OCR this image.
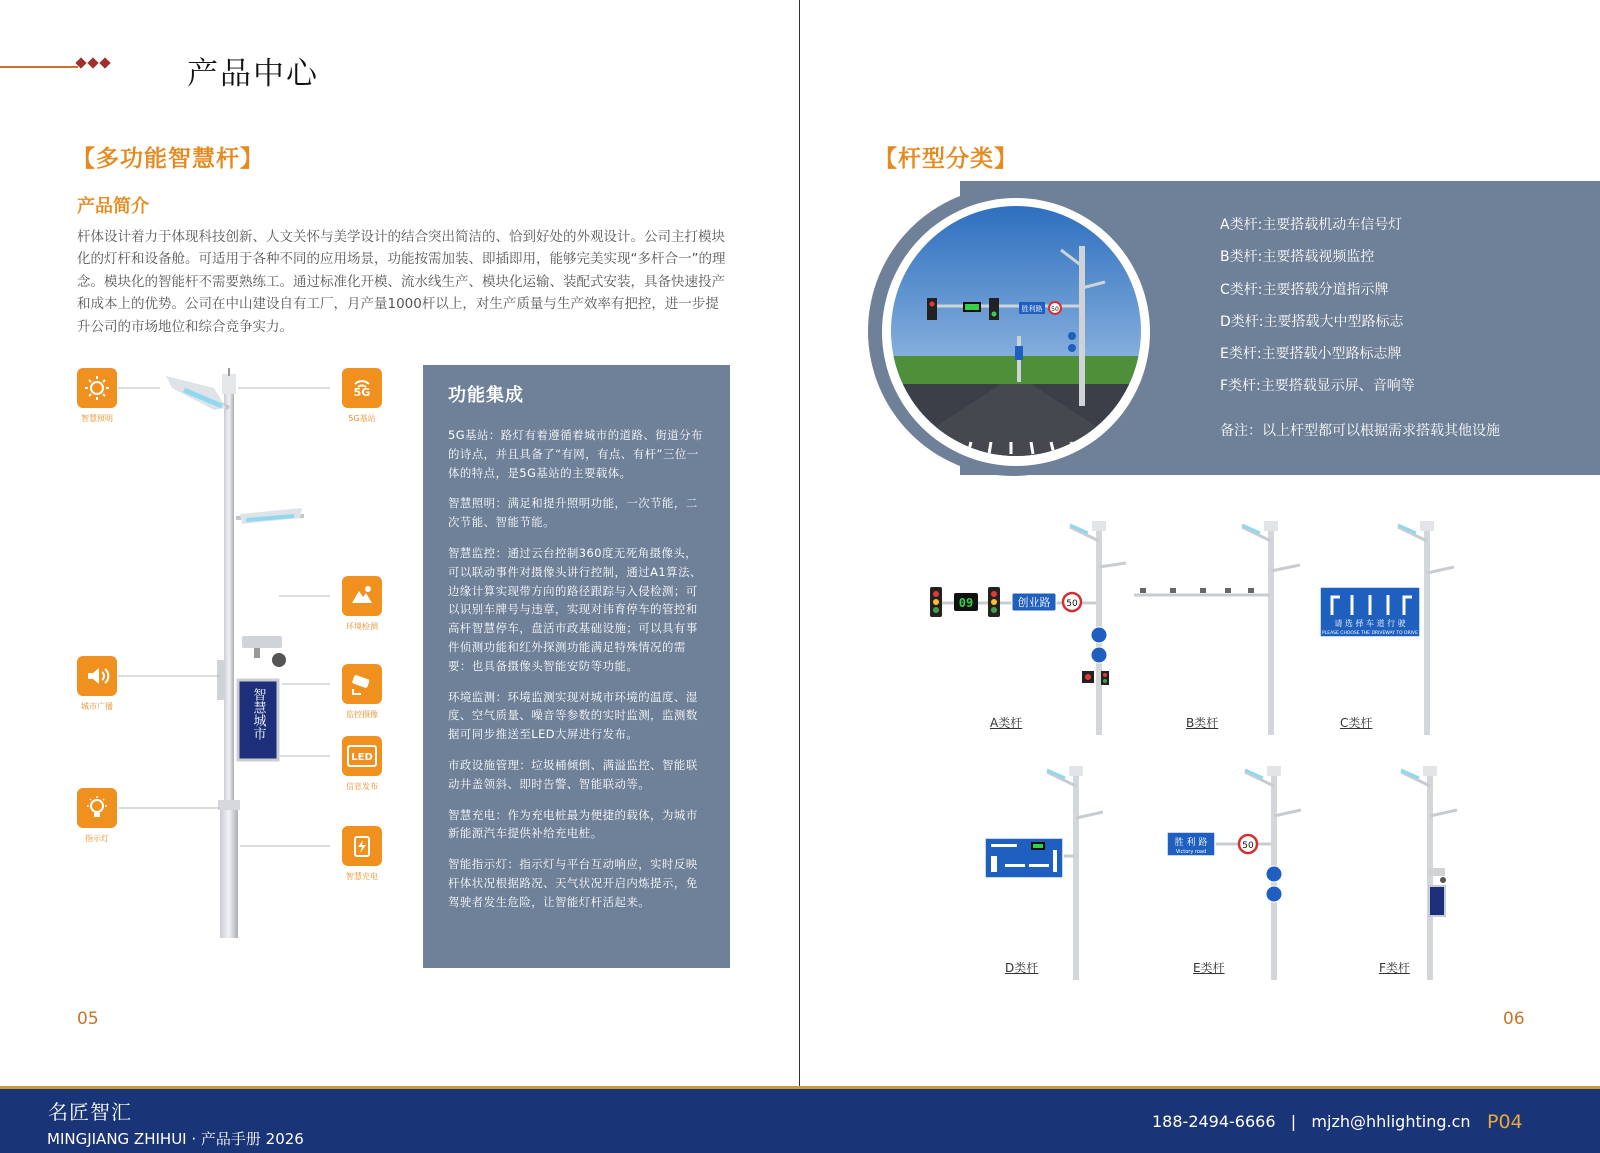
产品中心
【多功能智慧杆】
产品简介

杆体设计着力于体现科技创新、人文关怀与美学设计的结合突出简洁的、恰到好处的外观设计。公司主打模块化的灯杆和设备舱。可适用于各种不同的应用场景，功能按需加装、即插即用，能够完美实现“多杆合一”的理念。模块化的智能杆不需要熟练工。通过标准化开模、流水线生产、模块化运输、装配式安装，具备快速投产和成本上的优势。公司在中山建设自有工厂，月产量1000杆以上，对生产质量与生产效率有把控，进一步提升公司的市场地位和综合竞争实力。

智慧城市
智慧照明
5G
5G基站
环境检测
城市广播
监控摄像
LED
信息发布
指示灯
智慧充电
功能集成

5G基站：路灯有着遵循着城市的道路、街道分布的诗点，并且具备了“有网，有点、有杆”三位一体的特点，是5G基站的主要载体。

智慧照明：满足和提升照明功能，一次节能，二次节能、智能节能。

智慧监控：通过云台控制360度无死角摄像头，可以联动事件对摄像头讲行控制，通过A1算法、边缘计算实现带方向的路径跟踪与入侵检测；可以识别车牌号与违章，实现对讳育停车的管控和高杆智慧停车，盘活市政基础设施；可以具有事件侦测功能和红外探测功能满足特殊情况的需要：也具备摄像头智能安防等功能。

环境监测：环境监测实现对城市环境的温度、湿度、空气质量、噪音等参数的实时监测，监测数据可同步推送至LED大屏进行发布。

市政设施管理：垃圾桶倾倒、满溢监控、智能联动井盖领斜、即时告警、智能联动等。

智慧充电：作为充电桩最为便捷的载体，为城市新能源汽车提供补给充电桩。

智能指示灯：指示灯与平台互动响应，实时反映杆体状况根据路况、天气状况开启内炼提示，免驾驶者发生危险，让智能灯杆活起来。

05
【杆型分类】
胜利路 50
A类杆:主要搭载机动车信号灯
B类杆:主要搭载视频监控
C类杆:主要搭载分道指示牌
D类杆:主要搭载大中型路标志
E类杆:主要搭载小型路标志牌
F类杆:主要搭载显示屏、音响等
备注：以上杆型都可以根据需求搭载其他设施
09	创业路 50
A类杆	B类杆
请 选 择 车 道 行 驶
PLEASE CHOOSE THE DRIVEWAY TO DRIVE
C类杆
D类杆
胜 利 路
Victory road
50
E类杆	F类杆
06
名匠智汇
MINGJIANG ZHIHUI · 产品手册 2026
188-2494-6666   |   mjzh@hhlighting.cn P04
